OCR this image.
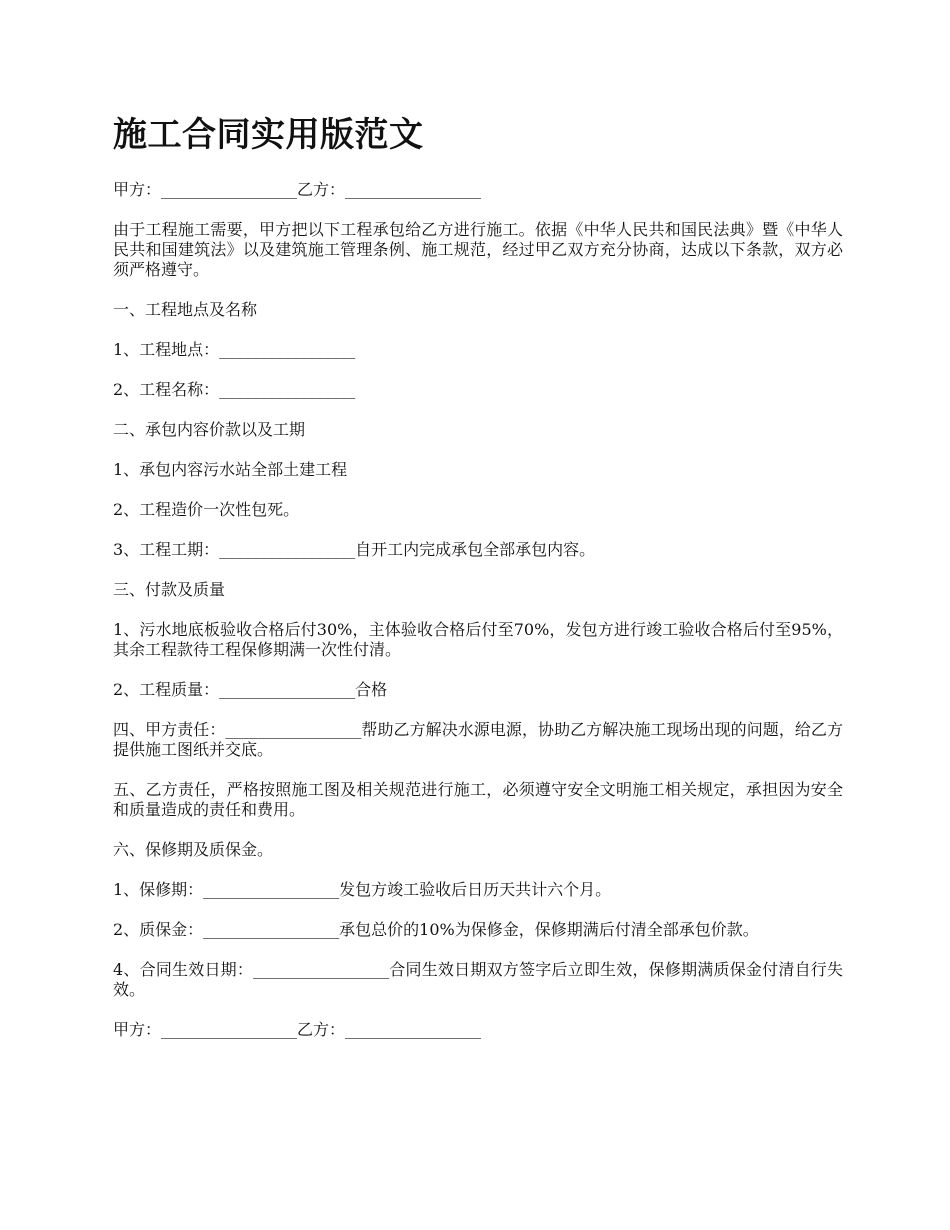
施工合同实用版范文

甲方：_________________乙方：_________________

由于工程施工需要，甲方把以下工程承包给乙方进行施工。依据《中华人民共和国民法典》暨《中华人民共和国建筑法》以及建筑施工管理条例、施工规范，经过甲乙双方充分协商，达成以下条款，双方必须严格遵守。

一、工程地点及名称

1、工程地点：_________________

2、工程名称：_________________

二、承包内容价款以及工期

1、承包内容污水站全部土建工程

2、工程造价一次性包死。

3、工程工期：_________________自开工内完成承包全部承包内容。

三、付款及质量

1、污水地底板验收合格后付30%，主体验收合格后付至70%，发包方进行竣工验收合格后付至95%，其余工程款待工程保修期满一次性付清。

2、工程质量：_________________合格

四、甲方责任：_________________帮助乙方解决水源电源，协助乙方解决施工现场出现的问题，给乙方提供施工图纸并交底。

五、乙方责任，严格按照施工图及相关规范进行施工，必须遵守安全文明施工相关规定，承担因为安全和质量造成的责任和费用。

六、保修期及质保金。

1、保修期：_________________发包方竣工验收后日历天共计六个月。

2、质保金：_________________承包总价的10%为保修金，保修期满后付清全部承包价款。

4、合同生效日期：_________________合同生效日期双方签字后立即生效，保修期满质保金付清自行失效。

甲方：_________________乙方：_________________
